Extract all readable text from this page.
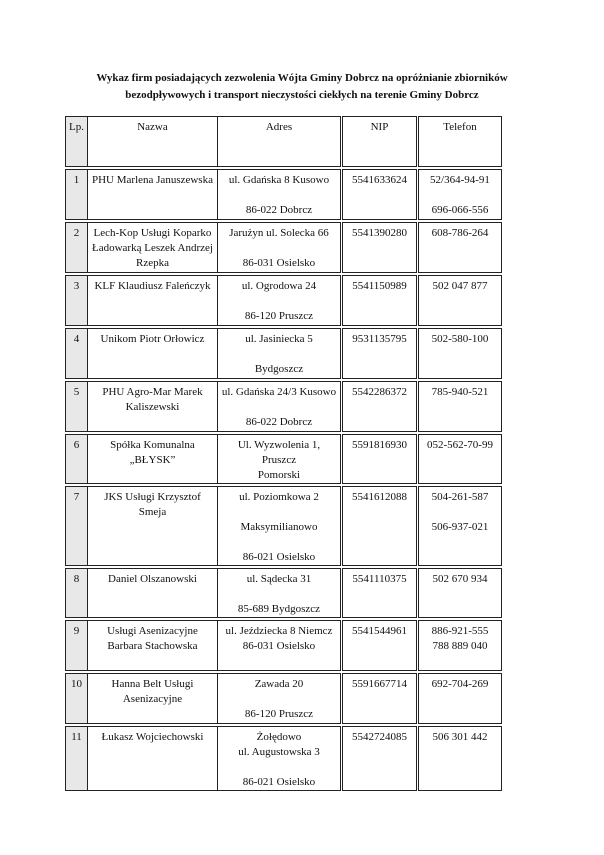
Wykaz firm posiadających zezwolenia Wójta Gminy Dobrcz na opróżnianie zbiorników
bezodpływowych i transport nieczystości ciekłych na terenie Gminy Dobrcz
Lp.	Nazwa	Adres	NIP	Telefon

1	PHU Marlena Januszewska	ul. Gdańska 8 Kusowo
86-022 Dobrcz	5541633624	52/364-94-91
696-066-556

2	Lech-Kop Usługi Koparko
Ładowarką Leszek Andrzej
Rzepka	Jarużyn ul. Solecka 66
86-031 Osielsko	5541390280	608-786-264

3	KLF Klaudiusz Faleńczyk	ul. Ogrodowa 24
86-120 Pruszcz	5541150989	502 047 877

4	Unikom Piotr Orłowicz	ul. Jasiniecka 5
Bydgoszcz	9531135795	502-580-100

5	PHU Agro-Mar Marek
Kaliszewski	ul. Gdańska 24/3 Kusowo
86-022 Dobrcz	5542286372	785-940-521

6	Spółka Komunalna
„BŁYSK”	Ul. Wyzwolenia 1, Pruszcz
Pomorski	5591816930	052-562-70-99

7	JKS Usługi Krzysztof
Smeja	ul. Poziomkowa 2
Maksymilianowo
86-021 Osielsko	5541612088	504-261-587
506-937-021

8	Daniel Olszanowski	ul. Sądecka 31
85-689 Bydgoszcz	5541110375	502 670 934

9	Usługi Asenizacyjne
Barbara Stachowska	ul. Jeździecka 8 Niemcz
86-031 Osielsko	5541544961	886-921-555
788 889 040

10	Hanna Belt Usługi
Asenizacyjne	Zawada 20
86-120 Pruszcz	5591667714	692-704-269

11	Łukasz Wojciechowski	Żołędowo
ul. Augustowska 3
86-021 Osielsko	5542724085	506 301 442
